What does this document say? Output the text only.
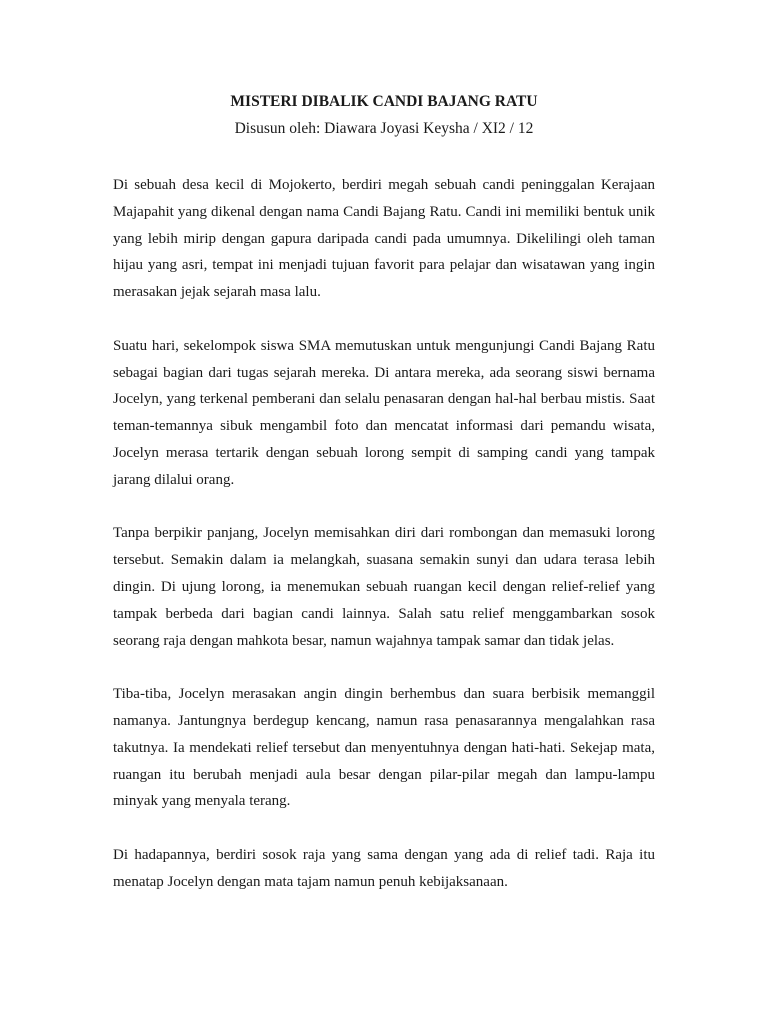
MISTERI DIBALIK CANDI BAJANG RATU

Disusun oleh: Diawara Joyasi Keysha / XI2 / 12

Di sebuah desa kecil di Mojokerto, berdiri megah sebuah candi peninggalan Kerajaan Majapahit yang dikenal dengan nama Candi Bajang Ratu. Candi ini memiliki bentuk unik yang lebih mirip dengan gapura daripada candi pada umumnya. Dikelilingi oleh taman hijau yang asri, tempat ini menjadi tujuan favorit para pelajar dan wisatawan yang ingin merasakan jejak sejarah masa lalu.

Suatu hari, sekelompok siswa SMA memutuskan untuk mengunjungi Candi Bajang Ratu sebagai bagian dari tugas sejarah mereka. Di antara mereka, ada seorang siswi bernama Jocelyn, yang terkenal pemberani dan selalu penasaran dengan hal-hal berbau mistis. Saat teman-temannya sibuk mengambil foto dan mencatat informasi dari pemandu wisata, Jocelyn merasa tertarik dengan sebuah lorong sempit di samping candi yang tampak jarang dilalui orang.

Tanpa berpikir panjang, Jocelyn memisahkan diri dari rombongan dan memasuki lorong tersebut. Semakin dalam ia melangkah, suasana semakin sunyi dan udara terasa lebih dingin. Di ujung lorong, ia menemukan sebuah ruangan kecil dengan relief-relief yang tampak berbeda dari bagian candi lainnya. Salah satu relief menggambarkan sosok seorang raja dengan mahkota besar, namun wajahnya tampak samar dan tidak jelas.

Tiba-tiba, Jocelyn merasakan angin dingin berhembus dan suara berbisik memanggil namanya. Jantungnya berdegup kencang, namun rasa penasarannya mengalahkan rasa takutnya. Ia mendekati relief tersebut dan menyentuhnya dengan hati-hati. Sekejap mata, ruangan itu berubah menjadi aula besar dengan pilar-pilar megah dan lampu-lampu minyak yang menyala terang.

Di hadapannya, berdiri sosok raja yang sama dengan yang ada di relief tadi. Raja itu menatap Jocelyn dengan mata tajam namun penuh kebijaksanaan.
